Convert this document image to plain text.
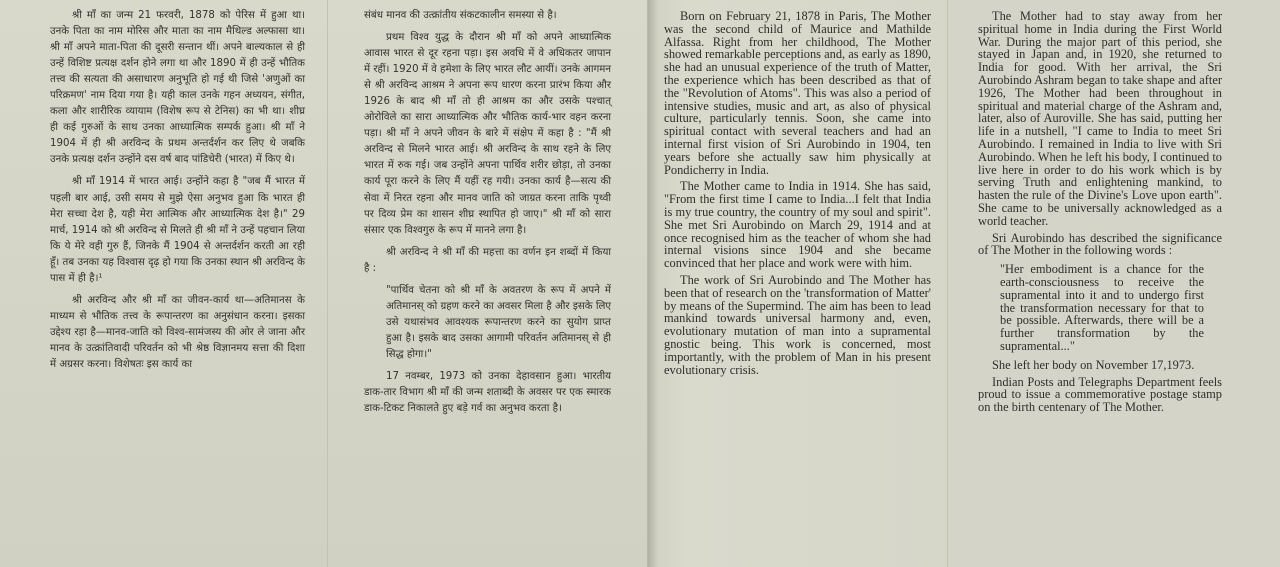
श्री माँ का जन्म 21 फरवरी, 1878 को पेरिस में हुआ था। उनके पिता का नाम मोरिस और माता का नाम मैथिल्ड अल्फासा था। श्री माँ अपने माता-पिता की दूसरी सन्तान थीं। अपने बाल्यकाल से ही उन्हें विशिष्ट प्रत्यक्ष दर्शन होने लगा था और 1890 में ही उन्हें भौतिक तत्त्व की सत्यता की असाधारण अनुभूति हो गई थी जिसे 'अणुओं का परिक्रमण' नाम दिया गया है। यही काल उनके गहन अध्ययन, संगीत, कला और शारीरिक व्यायाम (विशेष रूप से टेनिस) का भी था। शीघ्र ही कई गुरुओं के साथ उनका आध्यात्मिक सम्पर्क हुआ। श्री माँ ने 1904 में ही श्री अरविन्द के प्रथम अन्तर्दर्शन कर लिए थे जबकि उनके प्रत्यक्ष दर्शन उन्होंने दस वर्ष बाद पांडिचेरी (भारत) में किए थे।

श्री माँ 1914 में भारत आई। उन्होंने कहा है "जब मैं भारत में पहली बार आई, उसी समय से मुझे ऐसा अनुभव हुआ कि भारत ही मेरा सच्चा देश है, यही मेरा आत्मिक और आध्यात्मिक देश है।" 29 मार्च, 1914 को श्री अरविन्द से मिलते ही श्री माँ ने उन्हें पहचान लिया कि ये मेरे वही गुरु हैं, जिनके मैं 1904 से अन्तर्दर्शन करती आ रही हूँ। तब उनका यह विश्वास दृढ़ हो गया कि उनका स्थान श्री अरविन्द के पास में ही है।¹

श्री अरविन्द और श्री माँ का जीवन-कार्य था—अतिमानस के माध्यम से भौतिक तत्त्व के रूपान्तरण का अनुसंधान करना। इसका उद्देश्य रहा है—मानव-जाति को विश्व-सामंजस्य की ओर ले जाना और मानव के उत्क्रांतिवादी परिवर्तन को भी श्रेष्ठ विज्ञानमय सत्ता की दिशा में अग्रसर करना। विशेषतः इस कार्य का

संबंध मानव की उत्क्रांतीय संकटकालीन समस्या से है।

प्रथम विश्व युद्ध के दौरान श्री माँ को अपने आध्यात्मिक आवास भारत से दूर रहना पड़ा। इस अवधि में वे अधिकतर जापान में रहीं। 1920 में वे हमेशा के लिए भारत लौट आयीं। उनके आगमन से श्री अरविन्द आश्रम ने अपना रूप धारण करना प्रारंभ किया और 1926 के बाद श्री माँ तो ही आश्रम का और उसके पश्चात् ओरोविले का सारा आध्यात्मिक और भौतिक कार्य-भार वहन करना पड़ा। श्री माँ ने अपने जीवन के बारे में संक्षेप में कहा है : "मैं श्री अरविन्द से मिलने भारत आई। श्री अरविन्द के साथ रहने के लिए भारत में रुक गई। जब उन्होंने अपना पार्थिव शरीर छोड़ा, तो उनका कार्य पूरा करने के लिए मैं यहीं रह गयी। उनका कार्य है—सत्य की सेवा में निरत रहना और मानव जाति को जाग्रत करना ताकि पृथ्वी पर दिव्य प्रेम का शासन शीघ्र स्थापित हो जाए।" श्री माँ को सारा संसार एक विश्वगुरु के रूप में मानने लगा है।

श्री अरविन्द ने श्री माँ की महत्ता का वर्णन इन शब्दों में किया है :

"पार्थिव चेतना को श्री माँ के अवतरण के रूप में अपने में अतिमानस् को ग्रहण करने का अवसर मिला है और इसके लिए उसे यथासंभव आवश्यक रूपान्तरण करने का सुयोग प्राप्त हुआ है। इसके बाद उसका आगामी परिवर्तन अतिमानस् से ही सिद्ध होगा।"

17 नवम्बर, 1973 को उनका देहावसान हुआ। भारतीय डाक-तार विभाग श्री माँ की जन्म शताब्दी के अवसर पर एक स्मारक डाक-टिकट निकालते हुए बड़े गर्व का अनुभव करता है।

Born on February 21, 1878 in Paris, The Mother was the second child of Maurice and Mathilde Alfassa. Right from her childhood, The Mother showed remarkable perceptions and, as early as 1890, she had an unusual experience of the truth of Matter, the experience which has been described as that of the "Revolution of Atoms". This was also a period of intensive studies, music and art, as also of physical culture, particularly tennis. Soon, she came into spiritual contact with several teachers and had an internal first vision of Sri Aurobindo in 1904, ten years before she actually saw him physically at Pondicherry in India.

The Mother came to India in 1914. She has said, "From the first time I came to India...I felt that India is my true country, the country of my soul and spirit". She met Sri Aurobindo on March 29, 1914 and at once recognised him as the teacher of whom she had internal visions since 1904 and she became convinced that her place and work were with him.

The work of Sri Aurobindo and The Mother has been that of research on the 'transformation of Matter' by means of the Supermind. The aim has been to lead mankind towards universal harmony and, even, evolutionary mutation of man into a supramental gnostic being. This work is concerned, most importantly, with the problem of Man in his present evolutionary crisis.

The Mother had to stay away from her spiritual home in India during the First World War. During the major part of this period, she stayed in Japan and, in 1920, she returned to India for good. With her arrival, the Sri Aurobindo Ashram began to take shape and after 1926, The Mother had been throughout in spiritual and material charge of the Ashram and, later, also of Auroville. She has said, putting her life in a nutshell, "I came to India to meet Sri Aurobindo. I remained in India to live with Sri Aurobindo. When he left his body, I continued to live here in order to do his work which is by serving Truth and enlightening mankind, to hasten the rule of the Divine's Love upon earth". She came to be universally acknowledged as a world teacher.

Sri Aurobindo has described the significance of The Mother in the following words :

"Her embodiment is a chance for the earth-consciousness to receive the supramental into it and to undergo first the transformation necessary for that to be possible. Afterwards, there will be a further transformation by the supramental..."

She left her body on November 17,1973.

Indian Posts and Telegraphs Department feels proud to issue a commemorative postage stamp on the birth centenary of The Mother.
